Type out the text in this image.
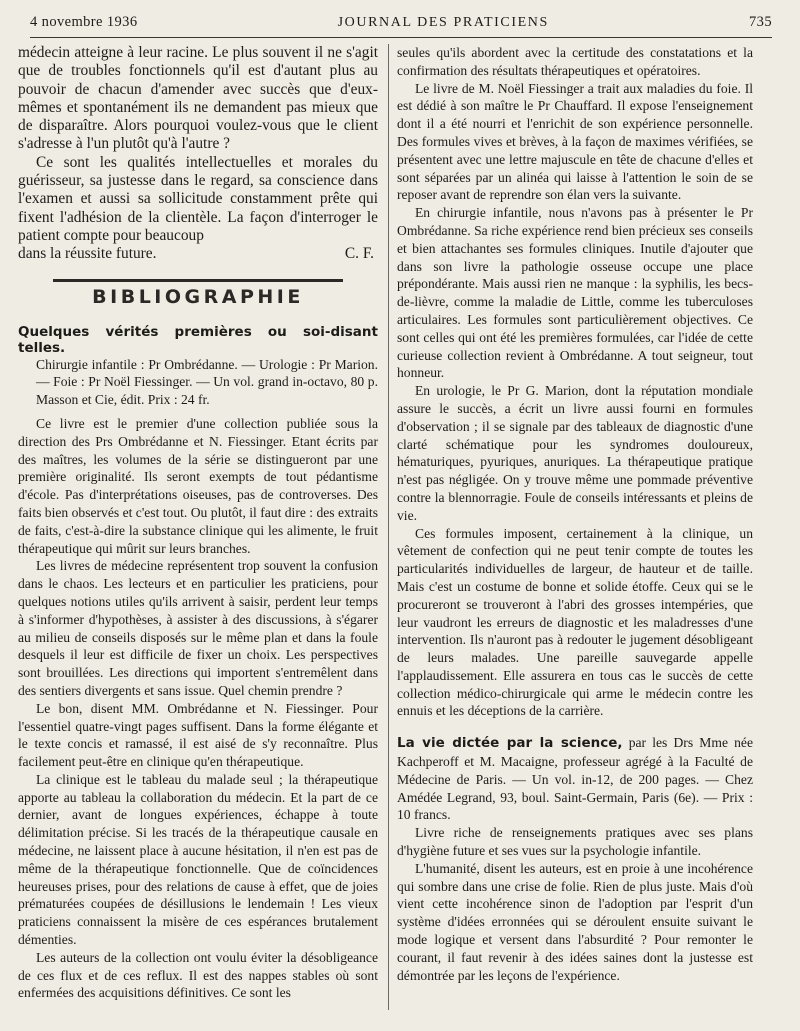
4 novembre 1936	JOURNAL DES PRATICIENS	735

médecin atteigne à leur racine. Le plus souvent il ne s'agit que de troubles fonctionnels qu'il est d'autant plus au pouvoir de chacun d'amender avec succès que d'eux-mêmes et spontanément ils ne demandent pas mieux que de disparaître. Alors pourquoi voulez-vous que le client s'adresse à l'un plutôt qu'à l'autre ?

Ce sont les qualités intellectuelles et morales du guérisseur, sa justesse dans le regard, sa conscience dans l'examen et aussi sa sollicitude constamment prête qui fixent l'adhésion de la clientèle. La façon d'interroger le patient compte pour beaucoup

dans la réussite future.	C. F.
BIBLIOGRAPHIE
Quelques vérités premières ou soi-disant telles.

Chirurgie infantile : Pr Ombrédanne. — Urologie : Pr Marion. — Foie : Pr Noël Fiessinger. — Un vol. grand in-octavo, 80 p. Masson et Cie, édit. Prix : 24 fr.

Ce livre est le premier d'une collection publiée sous la direction des Prs Ombrédanne et N. Fiessinger. Etant écrits par des maîtres, les volumes de la série se distingueront par une première originalité. Ils seront exempts de tout pédantisme d'école. Pas d'interprétations oiseuses, pas de controverses. Des faits bien observés et c'est tout. Ou plutôt, il faut dire : des extraits de faits, c'est-à-dire la substance clinique qui les alimente, le fruit thérapeutique qui mûrit sur leurs branches.

Les livres de médecine représentent trop souvent la confusion dans le chaos. Les lecteurs et en particulier les praticiens, pour quelques notions utiles qu'ils arrivent à saisir, perdent leur temps à s'informer d'hypothèses, à assister à des discussions, à s'égarer au milieu de conseils disposés sur le même plan et dans la foule desquels il leur est difficile de fixer un choix. Les perspectives sont brouillées. Les directions qui importent s'entremêlent dans des sentiers divergents et sans issue. Quel chemin prendre ?

Le bon, disent MM. Ombrédanne et N. Fiessinger. Pour l'essentiel quatre-vingt pages suffisent. Dans la forme élégante et le texte concis et ramassé, il est aisé de s'y reconnaître. Plus facilement peut-être en clinique qu'en thérapeutique.

La clinique est le tableau du malade seul ; la thérapeutique apporte au tableau la collaboration du médecin. Et la part de ce dernier, avant de longues expériences, échappe à toute délimitation précise. Si les tracés de la thérapeutique causale en médecine, ne laissent place à aucune hésitation, il n'en est pas de même de la thérapeutique fonctionnelle. Que de coïncidences heureuses prises, pour des relations de cause à effet, que de joies prématurées coupées de désillusions le lendemain ! Les vieux praticiens connaissent la misère de ces espérances brutalement démenties.

Les auteurs de la collection ont voulu éviter la désobligeance de ces flux et de ces reflux. Il est des nappes stables où sont enfermées des acquisitions définitives. Ce sont les

seules qu'ils abordent avec la certitude des constatations et la confirmation des résultats thérapeutiques et opératoires.

Le livre de M. Noël Fiessinger a trait aux maladies du foie. Il est dédié à son maître le Pr Chauffard. Il expose l'enseignement dont il a été nourri et l'enrichit de son expérience personnelle. Des formules vives et brèves, à la façon de maximes vérifiées, se présentent avec une lettre majuscule en tête de chacune d'elles et sont séparées par un alinéa qui laisse à l'attention le soin de se reposer avant de reprendre son élan vers la suivante.

En chirurgie infantile, nous n'avons pas à présenter le Pr Ombrédanne. Sa riche expérience rend bien précieux ses conseils et bien attachantes ses formules cliniques. Inutile d'ajouter que dans son livre la pathologie osseuse occupe une place prépondérante. Mais aussi rien ne manque : la syphilis, les becs-de-lièvre, comme la maladie de Little, comme les tuberculoses articulaires. Les formules sont particulièrement objectives. Ce sont celles qui ont été les premières formulées, car l'idée de cette curieuse collection revient à Ombrédanne. A tout seigneur, tout honneur.

En urologie, le Pr G. Marion, dont la réputation mondiale assure le succès, a écrit un livre aussi fourni en formules d'observation ; il se signale par des tableaux de diagnostic d'une clarté schématique pour les syndromes douloureux, hématuriques, pyuriques, anuriques. La thérapeutique pratique n'est pas négligée. On y trouve même une pommade préventive contre la blennorragie. Foule de conseils intéressants et pleins de vie.

Ces formules imposent, certainement à la clinique, un vêtement de confection qui ne peut tenir compte de toutes les particularités individuelles de largeur, de hauteur et de taille. Mais c'est un costume de bonne et solide étoffe. Ceux qui se le procureront se trouveront à l'abri des grosses intempéries, que leur vaudront les erreurs de diagnostic et les maladresses d'une intervention. Ils n'auront pas à redouter le jugement désobligeant de leurs malades. Une pareille sauvegarde appelle l'applaudissement. Elle assurera en tous cas le succès de cette collection médico-chirurgicale qui arme le médecin contre les ennuis et les déceptions de la carrière.

La vie dictée par la science, par les Drs Mme née Kachperoff et M. Macaigne, professeur agrégé à la Faculté de Médecine de Paris. — Un vol. in-12, de 200 pages. — Chez Amédée Legrand, 93, boul. Saint-Germain, Paris (6e). — Prix : 10 francs.

Livre riche de renseignements pratiques avec ses plans d'hygiène future et ses vues sur la psychologie infantile.

L'humanité, disent les auteurs, est en proie à une incohérence qui sombre dans une crise de folie. Rien de plus juste. Mais d'où vient cette incohérence sinon de l'adoption par l'esprit d'un système d'idées erronnées qui se déroulent ensuite suivant le mode logique et versent dans l'absurdité ? Pour remonter le courant, il faut revenir à des idées saines dont la justesse est démontrée par les leçons de l'expérience.
